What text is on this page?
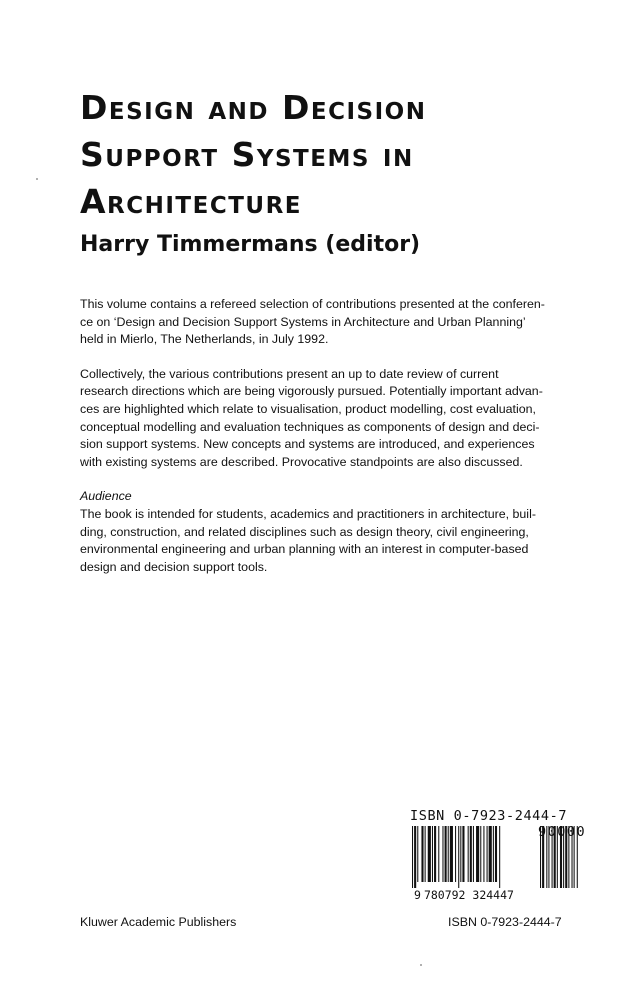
Design and Decision
Support Systems in
Architecture
Harry Timmermans (editor)

This volume contains a refereed selection of contributions presented at the conferen-
ce on ‘Design and Decision Support Systems in Architecture and Urban Planning’
held in Mierlo, The Netherlands, in July 1992.

Collectively, the various contributions present an up to date review of current
research directions which are being vigorously pursued. Potentially important advan-
ces are highlighted which relate to visualisation, product modelling, cost evaluation,
conceptual modelling and evaluation techniques as components of design and deci-
sion support systems. New concepts and systems are introduced, and experiences
with existing systems are described. Provocative standpoints are also discussed.

Audience
The book is intended for students, academics and practitioners in architecture, buil-
ding, construction, and related disciplines such as design theory, civil engineering,
environmental engineering and urban planning with an interest in computer-based
design and decision support tools.

ISBN 0-7923-2444-7
90000
9 780792 324447
Kluwer Academic Publishers	ISBN 0-7923-2444-7
